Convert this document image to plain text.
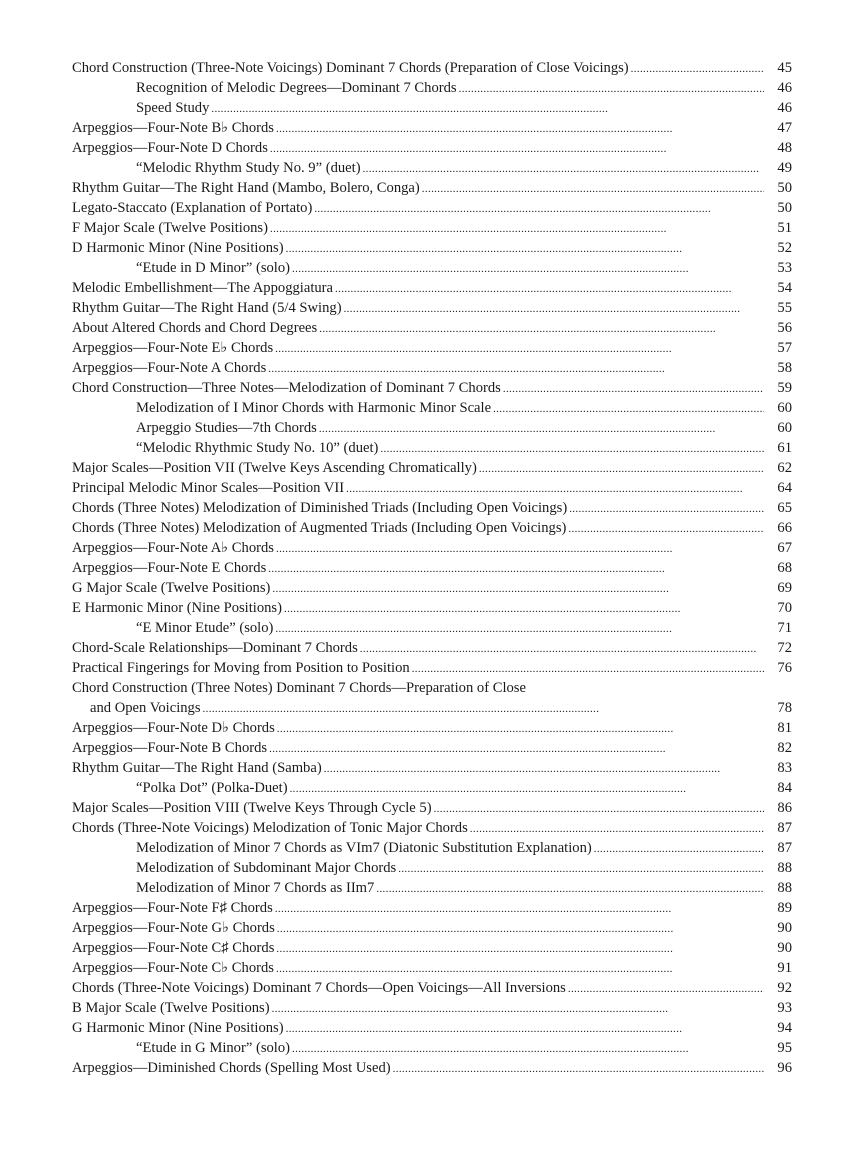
Chord Construction (Three-Note Voicings) Dominant 7 Chords (Preparation of Close Voicings) . . .	45
Recognition of Melodic Degrees—Dominant 7 Chords . . .	46
Speed Study . . .	46
Arpeggios—Four-Note B♭ Chords . . .	47
Arpeggios—Four-Note D Chords . . .	48
“Melodic Rhythm Study No. 9” (duet) . . .	49
Rhythm Guitar—The Right Hand (Mambo, Bolero, Conga) . . .	50
Legato-Staccato (Explanation of Portato) . . .	50
F Major Scale (Twelve Positions) . . .	51
D Harmonic Minor (Nine Positions) . . .	52
“Etude in D Minor” (solo) . . .	53
Melodic Embellishment—The Appoggiatura . . .	54
Rhythm Guitar—The Right Hand (5/4 Swing) . . .	55
About Altered Chords and Chord Degrees . . .	56
Arpeggios—Four-Note E♭ Chords . . .	57
Arpeggios—Four-Note A Chords . . .	58
Chord Construction—Three Notes—Melodization of Dominant 7 Chords . . .	59
Melodization of I Minor Chords with Harmonic Minor Scale . . .	60
Arpeggio Studies—7th Chords . . .	60
“Melodic Rhythmic Study No. 10” (duet) . . .	61
Major Scales—Position VII (Twelve Keys Ascending Chromatically) . . .	62
Principal Melodic Minor Scales—Position VII . . .	64
Chords (Three Notes) Melodization of Diminished Triads (Including Open Voicings) . . .	65
Chords (Three Notes) Melodization of Augmented Triads (Including Open Voicings) . . .	66
Arpeggios—Four-Note A♭ Chords . . .	67
Arpeggios—Four-Note E Chords . . .	68
G Major Scale (Twelve Positions) . . .	69
E Harmonic Minor (Nine Positions) . . .	70
“E Minor Etude” (solo) . . .	71
Chord-Scale Relationships—Dominant 7 Chords . . .	72
Practical Fingerings for Moving from Position to Position . . .	76
Chord Construction (Three Notes) Dominant 7 Chords—Preparation of Close
and Open Voicings . . .	78
Arpeggios—Four-Note D♭ Chords . . .	81
Arpeggios—Four-Note B Chords . . .	82
Rhythm Guitar—The Right Hand (Samba) . . .	83
“Polka Dot” (Polka-Duet) . . .	84
Major Scales—Position VIII (Twelve Keys Through Cycle 5) . . .	86
Chords (Three-Note Voicings) Melodization of Tonic Major Chords . . .	87
Melodization of Minor 7 Chords as VIm7 (Diatonic Substitution Explanation) . . .	87
Melodization of Subdominant Major Chords . . .	88
Melodization of Minor 7 Chords as IIm7 . . .	88
Arpeggios—Four-Note F♯ Chords . . .	89
Arpeggios—Four-Note G♭ Chords . . .	90
Arpeggios—Four-Note C♯ Chords . . .	90
Arpeggios—Four-Note C♭ Chords . . .	91
Chords (Three-Note Voicings) Dominant 7 Chords—Open Voicings—All Inversions . . .	92
B Major Scale (Twelve Positions) . . .	93
G Harmonic Minor (Nine Positions) . . .	94
“Etude in G Minor” (solo) . . .	95
Arpeggios—Diminished Chords (Spelling Most Used) . . .	96
